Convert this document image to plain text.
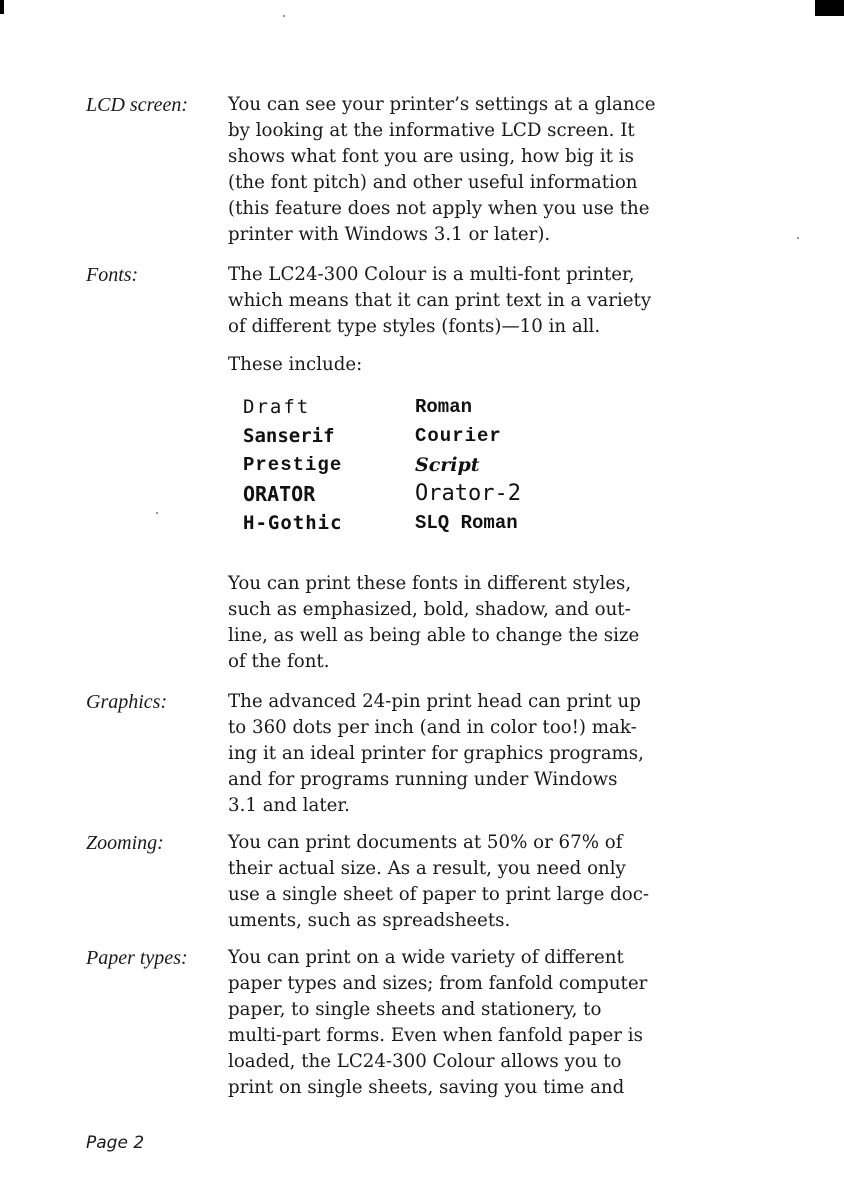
LCD screen: You can see your printer’s settings at a glance
by looking at the informative LCD screen. It
shows what font you are using, how big it is
(the font pitch) and other useful information
(this feature does not apply when you use the
printer with Windows 3.1 or later).
Fonts:	The LC24-300 Colour is a multi-font printer,
which means that it can print text in a variety
of different type styles (fonts)—10 in all.
These include:
Draft	Roman
Sanserif	Courier
Prestige	Script
ORATOR	Orator-2
H-Gothic	SLQ Roman
You can print these fonts in different styles,
such as emphasized, bold, shadow, and out-
line, as well as being able to change the size
of the font.
Graphics:	The advanced 24-pin print head can print up
to 360 dots per inch (and in color too!) mak-
ing it an ideal printer for graphics programs,
and for programs running under Windows
3.1 and later.
Zooming:	You can print documents at 50% or 67% of
their actual size. As a result, you need only
use a single sheet of paper to print large doc-
uments, such as spreadsheets.
Paper types: You can print on a wide variety of different
paper types and sizes; from fanfold computer
paper, to single sheets and stationery, to
multi-part forms. Even when fanfold paper is
loaded, the LC24-300 Colour allows you to
print on single sheets, saving you time and
Page 2
